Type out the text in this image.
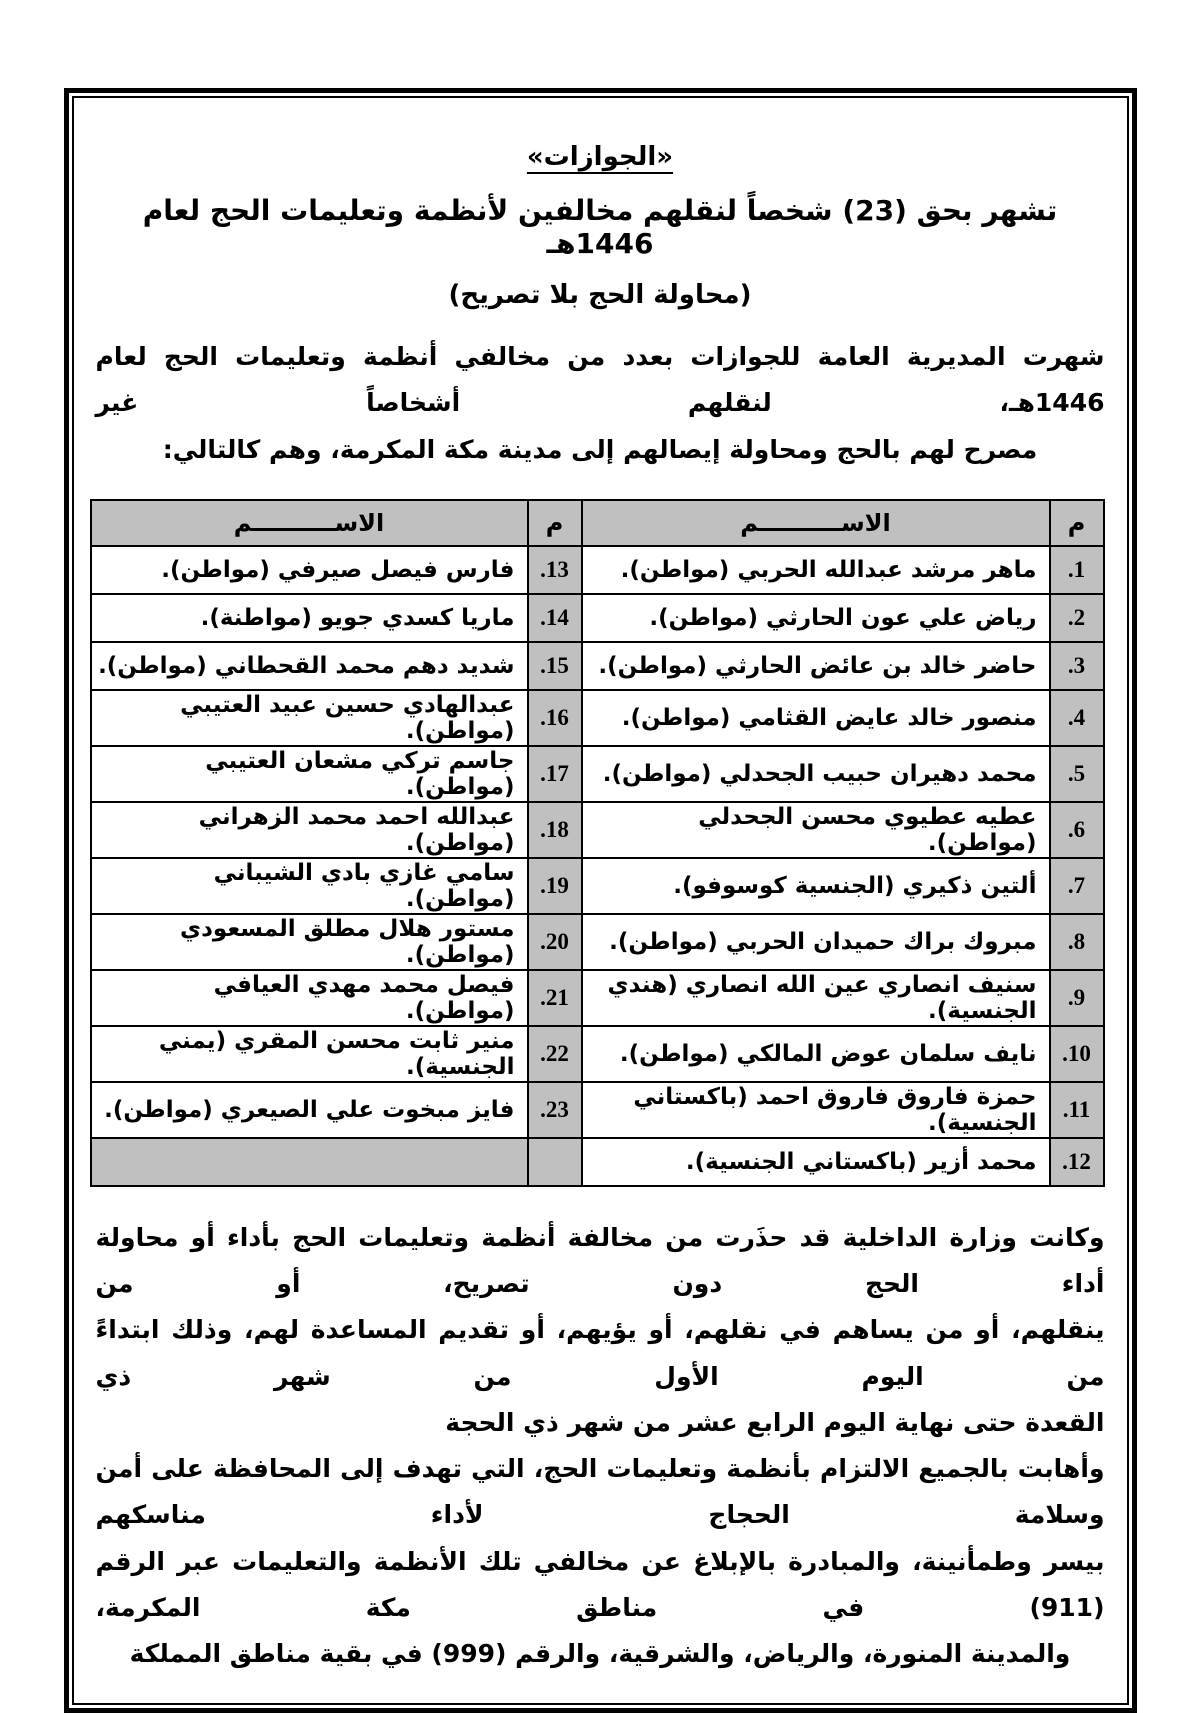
«الجوازات»
تشهر بحق (23) شخصاً لنقلهم مخالفين لأنظمة وتعليمات الحج لعام 1446هـ
(محاولة الحج بلا تصريح)
شهرت المديرية العامة للجوازات بعدد من مخالفي أنظمة وتعليمات الحج لعام 1446هـ، لنقلهم أشخاصاً غير
مصرح لهم بالحج ومحاولة إيصالهم إلى مدينة مكة المكرمة، وهم كالتالي:
م	الاســــــــــم	م	الاســــــــــم
1.	ماهر مرشد عبدالله الحربي (مواطن).	13.	فارس فيصل صيرفي (مواطن).
2.	رياض علي عون الحارثي (مواطن).	14.	ماريا كسدي جويو (مواطنة).
3.	حاضر خالد بن عائض الحارثي (مواطن).	15.	شديد دهم محمد القحطاني (مواطن).
4.	منصور خالد عايض القثامي (مواطن).	16.	عبدالهادي حسين عبيد العتيبي (مواطن).
5.	محمد دهيران حبيب الجحدلي (مواطن).	17.	جاسم تركي مشعان العتيبي (مواطن).
6.	عطيه عطيوي محسن الجحدلي (مواطن).	18.	عبدالله احمد محمد الزهراني (مواطن).
7.	ألتين ذكيري (الجنسية كوسوفو).	19.	سامي غازي بادي الشيباني (مواطن).
8.	مبروك براك حميدان الحربي (مواطن).	20.	مستور هلال مطلق المسعودي (مواطن).
9.	سنيف انصاري عين الله انصاري (هندي الجنسية).	21.	فيصل محمد مهدي العيافي (مواطن).
10.	نايف سلمان عوض المالكي (مواطن).	22.	منير ثابت محسن المقري (يمني الجنسية).
11.	حمزة فاروق فاروق احمد (باكستاني الجنسية).	23.	فايز مبخوت علي الصيعري (مواطن).
12.	محمد أزير (باكستاني الجنسية).		
وكانت وزارة الداخلية قد حذَرت من مخالفة أنظمة وتعليمات الحج بأداء أو محاولة أداء الحج دون تصريح، أو من
ينقلهم، أو من يساهم في نقلهم، أو يؤيهم، أو تقديم المساعدة لهم، وذلك ابتداءً من اليوم الأول من شهر ذي
القعدة حتى نهاية اليوم الرابع عشر من شهر ذي الحجة
وأهابت بالجميع الالتزام بأنظمة وتعليمات الحج، التي تهدف إلى المحافظة على أمن وسلامة الحجاج لأداء مناسكهم
بيسر وطمأنينة، والمبادرة بالإبلاغ عن مخالفي تلك الأنظمة والتعليمات عبر الرقم (911) في مناطق مكة المكرمة،
والمدينة المنورة، والرياض، والشرقية، والرقم (999) في بقية مناطق المملكة
